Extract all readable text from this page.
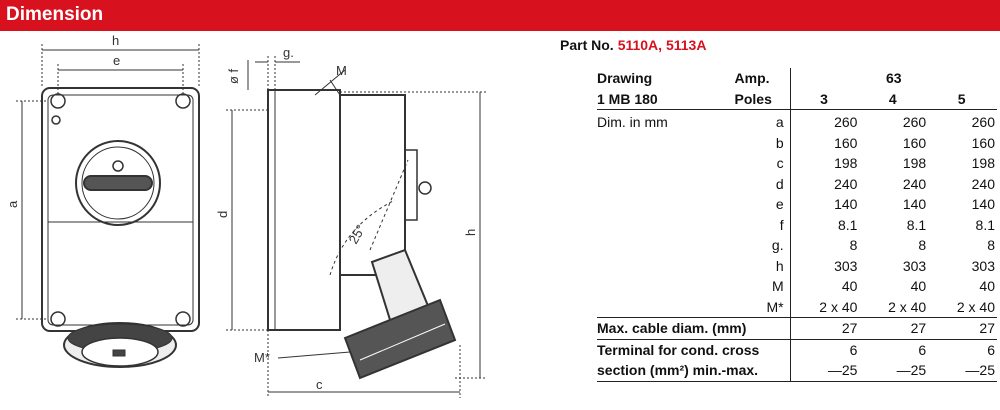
Dimension
h
e
ø f
g.
M
a
d
h
25°
M*
c
Part No. 5110A, 5113A
Drawing	Amp.	63		
1 MB 180	Poles	3	4	5
Dim. in mm	a	260	260	260
	b	160	160	160
	c	198	198	198
	d	240	240	240
	e	140	140	140
	f	8.1	8.1	8.1
	g.	8	8	8
	h	303	303	303
	M	40	40	40
	M*	2 x 40	2 x 40	2 x 40
Max. cable diam. (mm)		27	27	27
Terminal for cond. cross		6	6	6
section (mm²) min.-max.		—25	—25	—25
